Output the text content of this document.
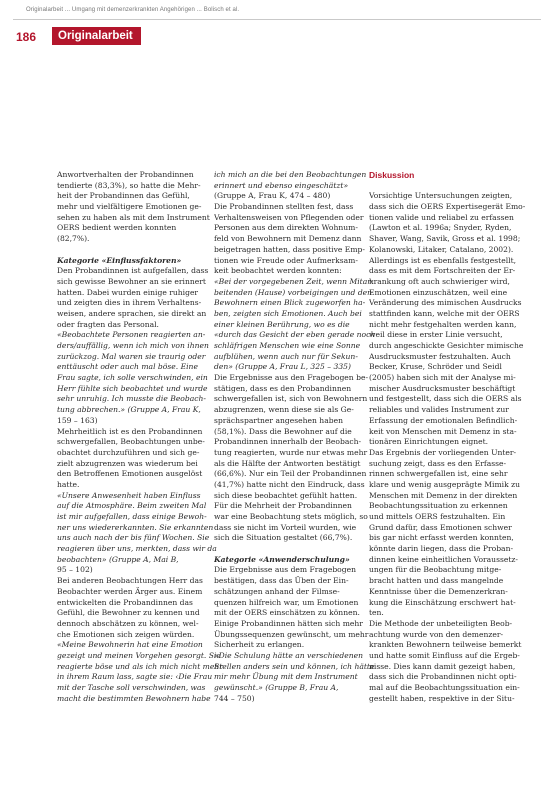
Originalarbeit ... Umgang mit demenzerkrankten Angehörigen ... Bolisch et al.
186	Originalarbeit
Anwortverhalten der Probandinnen
tendierte (83,3%), so hatte die Mehr-
heit der Probandinnen das Gefühl,
mehr und vielfältigere Emotionen ge-
sehen zu haben als mit dem Instrument
OERS bedient werden konnten
(82,7%).

Kategorie «Einflussfaktoren»
Den Probandinnen ist aufgefallen, dass
sich gewisse Bewohner an sie erinnert
hatten. Dabei wurden einige ruhiger
und zeigten dies in ihrem Verhaltens-
weisen, andere sprachen, sie direkt an
oder fragten das Personal.
«Beobachtete Personen reagierten an-
ders/auffällig, wenn ich mich von ihnen
zurückzog. Mal waren sie traurig oder
enttäuscht oder auch mal böse. Eine
Frau sagte, ich solle verschwinden, ein
Herr fühlte sich beobachtet und wurde
sehr unruhig. Ich musste die Beobach-
tung abbrechen.» (Gruppe A, Frau K,
159 – 163)
Mehrheitlich ist es den Probandinnen
schwergefallen, Beobachtungen unbe-
obachtet durchzuführen und sich ge-
zielt abzugrenzen was wiederum bei
den Betroffenen Emotionen ausgelöst
hatte.
«Unsere Anwesenheit haben Einfluss
auf die Atmosphäre. Beim zweiten Mal
ist mir aufgefallen, dass einige Bewoh-
ner uns wiedererkannten. Sie erkannten
uns auch nach der bis fünf Wochen. Sie
reagieren über uns, merkten, dass wir da
beobachten» (Gruppe A, Mai B,
95 – 102)
Bei anderen Beobachtungen Herr das
Beobachter werden Ärger aus. Einem
entwickelten die Probandinnen das
Gefühl, die Bewohner zu kennen und
dennoch abschätzen zu können, wel-
che Emotionen sich zeigen würden.
«Meine Bewohnerin hat eine Emotion
gezeigt und meinen Vorgehen gesorgt. Sie
reagierte böse und als ich mich nicht mehr
in ihrem Raum lass, sagte sie: ‹Die Frau
mit der Tasche soll verschwinden, was
macht die bestimmten Bewohnern habe
ich mich an die bei den Beobachtungen
erinnert und ebenso eingeschätzt»
(Gruppe A, Frau K, 474 – 480)
Die Probandinnen stellten fest, dass
Verhaltensweisen von Pflegenden oder
Personen aus dem direkten Wohnum-
feld von Bewohnern mit Demenz dann
beigetragen hatten, dass positive Emp-
tionen wie Freude oder Aufmerksam-
keit beobachtet werden konnten:
«Bei der vorgegebenen Zeit, wenn Mitar-
beitenden (Hause) vorbeigingen und den
Bewohnern einen Blick zugeworfen ha-
ben, zeigten sich Emotionen. Auch bei
einer kleinen Berührung, wo es die
«durch das Gesicht der eben gerade noch
schläfrigen Menschen wie eine Sonne
aufblühen, wenn auch nur für Sekun-
den» (Gruppe A, Frau L, 325 – 335)
Die Ergebnisse aus den Fragebogen be-
stätigen, dass es den Probandinnen
schwergefallen ist, sich von Bewohnern
abzugrenzen, wenn diese sie als Ge-
sprächspartner angesehen haben
(58,1%). Dass die Bewohner auf die
Probandinnen innerhalb der Beobach-
tung reagierten, wurde nur etwas mehr
als die Hälfte der Antworten bestätigt
(66,6%). Nur ein Teil der Probandinnen
(41,7%) hatte nicht den Eindruck, dass
sich diese beobachtet gefühlt hatten.
Für die Mehrheit der Probandinnen
war eine Beobachtung stets möglich, so
dass sie nicht im Vorteil wurden, wie
sich die Situation gestaltet (66,7%).

Kategorie «Anwenderschulung»
Die Ergebnisse aus dem Fragebogen
bestätigen, dass das Üben der Ein-
schätzungen anhand der Filmse-
quenzen hilfreich war, um Emotionen
mit der OERS einschätzen zu können.
Einige Probandinnen hätten sich mehr
Übungssequenzen gewünscht, um mehr
Sicherheit zu erlangen.
«Die Schulung hätte an verschiedenen
Stellen anders sein und können, ich hätte
mir mehr Übung mit dem Instrument
gewünscht.» (Gruppe B, Frau A,
744 – 750)
Diskussion

Vorsichtige Untersuchungen zeigten,
dass sich die OERS Expertisegerät Emo-
tionen valide und reliabel zu erfassen
(Lawton et al. 1996a; Snyder, Ryden,
Shaver, Wang, Savik, Gross et al. 1998;
Kolanowski, Litaker, Catalano, 2002).
Allerdings ist es ebenfalls festgestellt,
dass es mit dem Fortschreiten der Er-
krankung oft auch schwieriger wird,
Emotionen einzuschätzen, weil eine
Veränderung des mimischen Ausdrucks
stattfinden kann, welche mit der OERS
nicht mehr festgehalten werden kann,
weil diese in erster Linie versucht,
durch angeschickte Gesichter mimische
Ausdrucksmuster festzuhalten. Auch
Becker, Kruse, Schröder und Seidl
(2005) haben sich mit der Analyse mi-
mischer Ausdrucksmuster beschäftigt
und festgestellt, dass sich die OERS als
reliables und valides Instrument zur
Erfassung der emotionalen Befindlich-
keit von Menschen mit Demenz in sta-
tionären Einrichtungen eignet.
Das Ergebnis der vorliegenden Unter-
suchung zeigt, dass es den Erfasse-
rinnen schwergefallen ist, eine sehr
klare und wenig ausgeprägte Mimik zu
Menschen mit Demenz in der direkten
Beobachtungssituation zu erkennen
und mittels OERS festzuhalten. Ein
Grund dafür, dass Emotionen schwer
bis gar nicht erfasst werden konnten,
könnte darin liegen, dass die Proban-
dinnen keine einheitlichen Voraussetz-
ungen für die Beobachtung mitge-
bracht hatten und dass mangelnde
Kenntnisse über die Demenzerkran-
kung die Einschätzung erschwert hat-
ten.
Die Methode der unbeteiligten Beob-
achtung wurde von den demenzer-
krankten Bewohnern teilweise bemerkt
und hatte somit Einfluss auf die Ergeb-
nisse. Dies kann damit gezeigt haben,
dass sich die Probandinnen nicht opti-
mal auf die Beobachtungssituation ein-
gestellt haben, respektive in der Situ-
